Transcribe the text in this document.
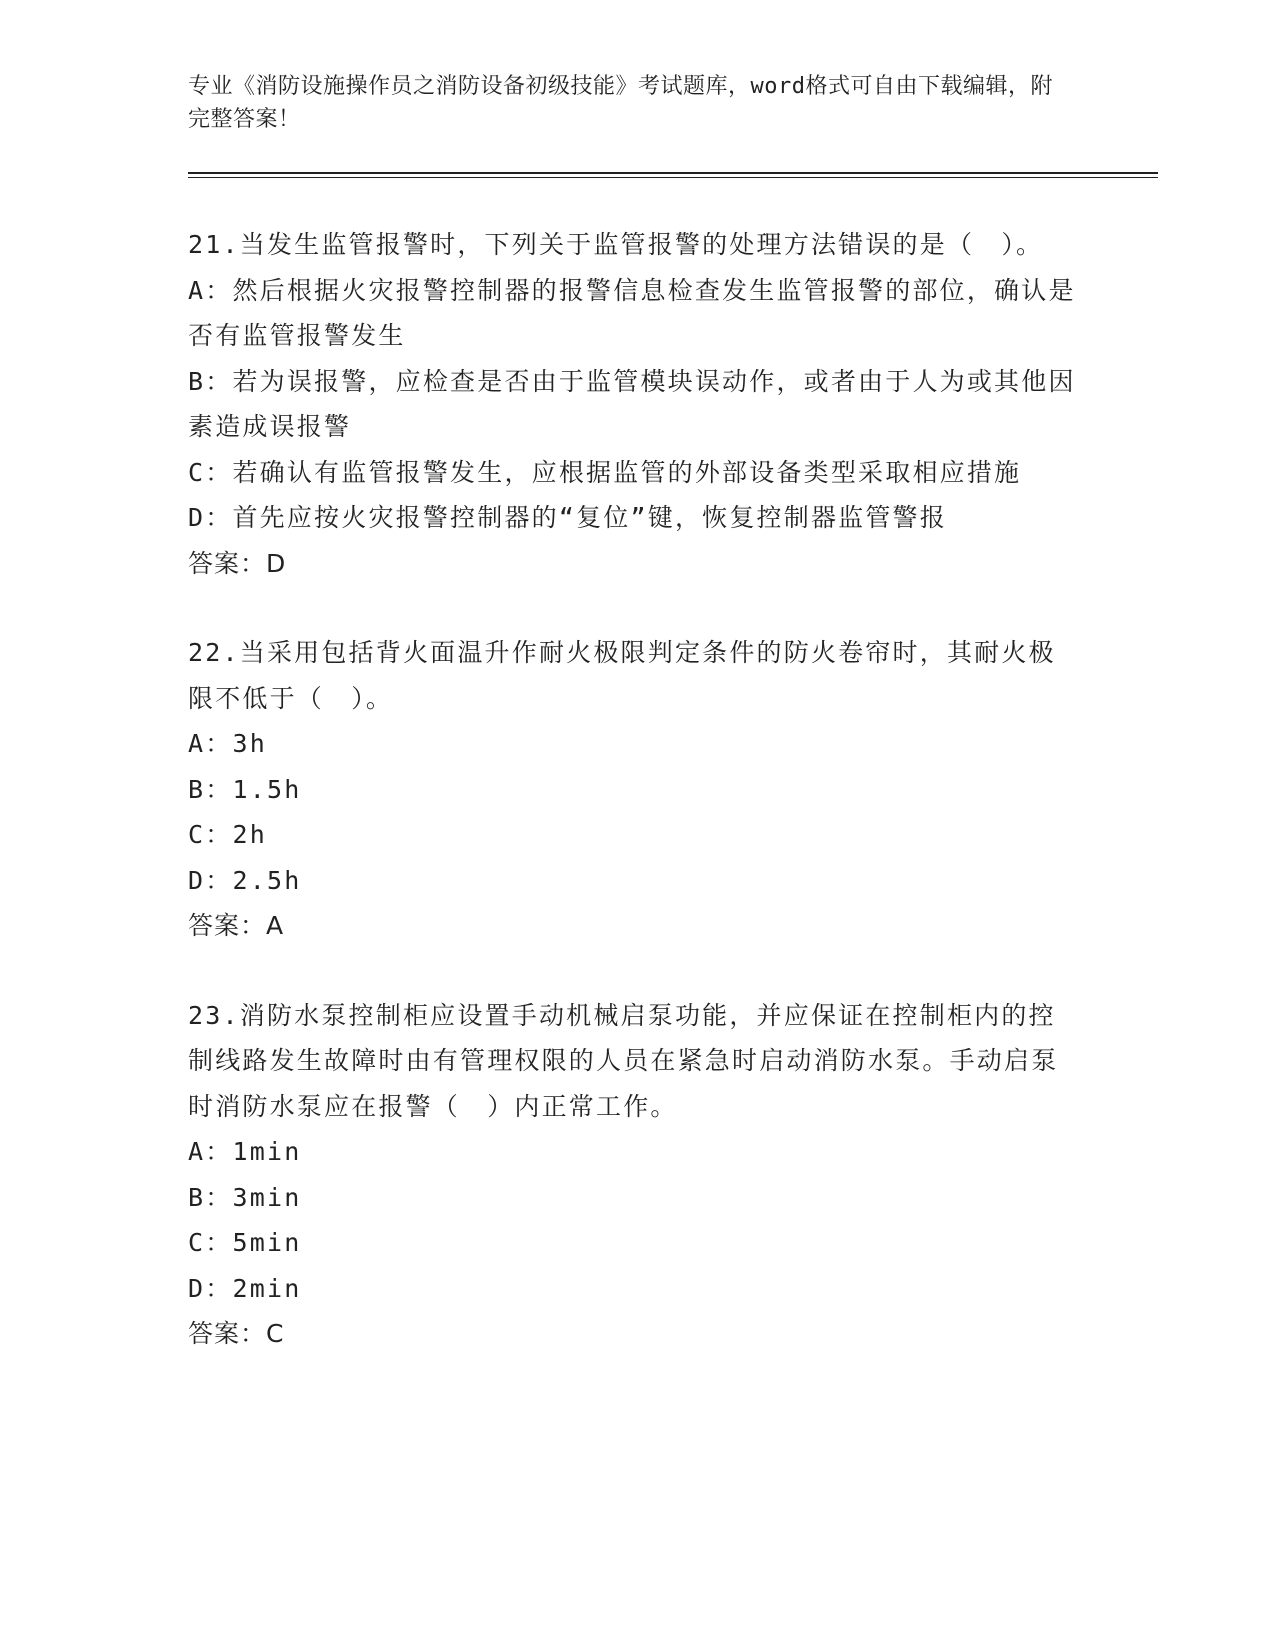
专业《消防设施操作员之消防设备初级技能》考试题库，word格式可自由下载编辑，附完整答案！
21.当发生监管报警时，下列关于监管报警的处理方法错误的是（　）。
A：然后根据火灾报警控制器的报警信息检查发生监管报警的部位，确认是否有监管报警发生
B：若为误报警，应检查是否由于监管模块误动作，或者由于人为或其他因素造成误报警
C：若确认有监管报警发生，应根据监管的外部设备类型采取相应措施
D：首先应按火灾报警控制器的“复位”键，恢复控制器监管警报
答案：D
22.当采用包括背火面温升作耐火极限判定条件的防火卷帘时，其耐火极限不低于（　）。
A：3h
B：1.5h
C：2h
D：2.5h
答案：A
23.消防水泵控制柜应设置手动机械启泵功能，并应保证在控制柜内的控制线路发生故障时由有管理权限的人员在紧急时启动消防水泵。手动启泵时消防水泵应在报警（　）内正常工作。
A：1min
B：3min
C：5min
D：2min
答案：C
